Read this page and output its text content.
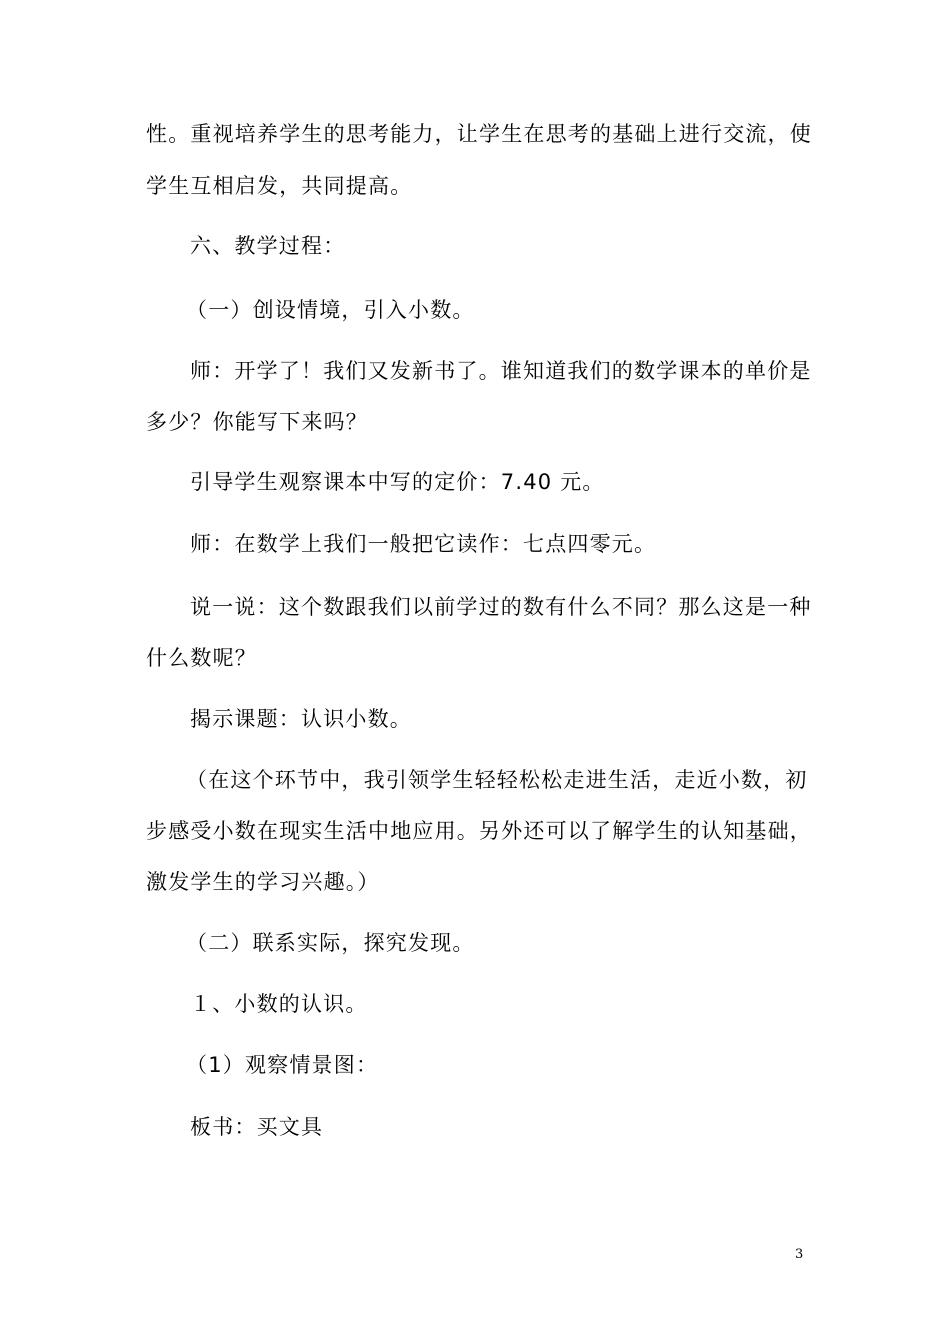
性。重视培养学生的思考能力，让学生在思考的基础上进行交流，使
学生互相启发，共同提高。
六、教学过程：
（一）创设情境，引入小数。
师：开学了！我们又发新书了。谁知道我们的数学课本的单价是
多少？你能写下来吗？
引导学生观察课本中写的定价：7.40 元。
师：在数学上我们一般把它读作：七点四零元。
说一说：这个数跟我们以前学过的数有什么不同？那么这是一种
什么数呢？
揭示课题：认识小数。
（在这个环节中，我引领学生轻轻松松走进生活，走近小数，初
步感受小数在现实生活中地应用。另外还可以了解学生的认知基础，
激发学生的学习兴趣。）
（二）联系实际，探究发现。
１、小数的认识。
（1）观察情景图：
板书：买文具
3
